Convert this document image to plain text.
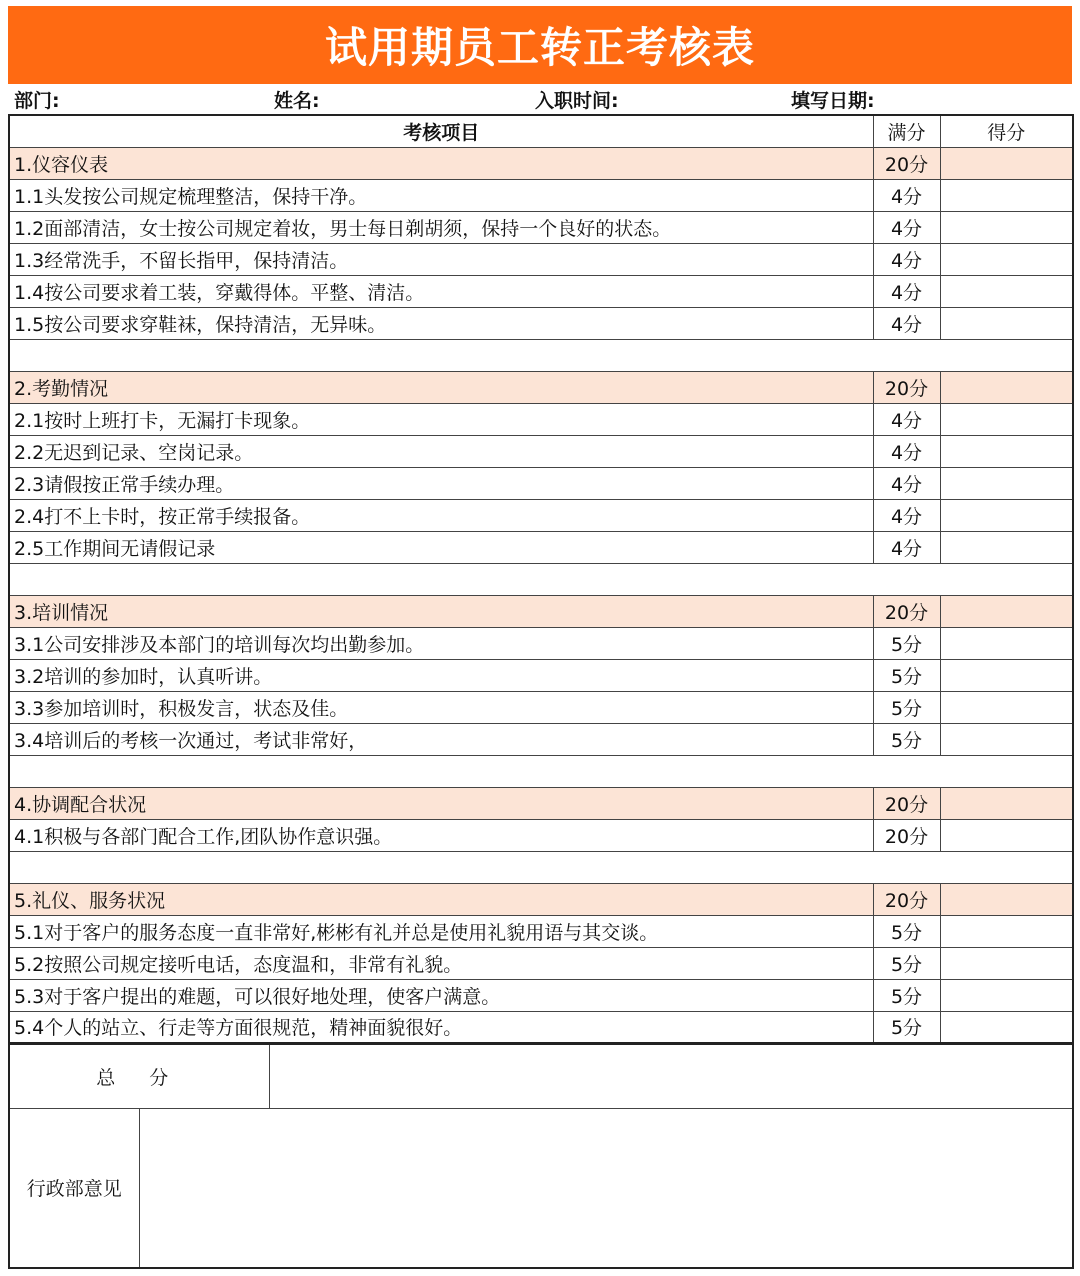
试用期员工转正考核表
部门:	姓名:	入职时间:	填写日期:
考核项目	满分	得分
1.仪容仪表	20分	
1.1头发按公司规定梳理整洁，保持干净。	4分	
1.2面部清洁，女士按公司规定着妆，男士每日剃胡须，保持一个良好的状态。	4分	
1.3经常洗手，不留长指甲，保持清洁。	4分	
1.4按公司要求着工装，穿戴得体。平整、清洁。	4分	
1.5按公司要求穿鞋袜，保持清洁，无异味。	4分	

2.考勤情况	20分	
2.1按时上班打卡，无漏打卡现象。	4分	
2.2无迟到记录、空岗记录。	4分	
2.3请假按正常手续办理。	4分	
2.4打不上卡时，按正常手续报备。	4分	
2.5工作期间无请假记录	4分	

3.培训情况	20分	
3.1公司安排涉及本部门的培训每次均出勤参加。	5分	
3.2培训的参加时，认真听讲。	5分	
3.3参加培训时，积极发言，状态及佳。	5分	
3.4培训后的考核一次通过，考试非常好，	5分	

4.协调配合状况	20分	
4.1积极与各部门配合工作,团队协作意识强。	20分	

5.礼仪、服务状况	20分	
5.1对于客户的服务态度一直非常好,彬彬有礼并总是使用礼貌用语与其交谈。	5分	
5.2按照公司规定接听电话，态度温和，非常有礼貌。	5分	
5.3对于客户提出的难题，可以很好地处理，使客户满意。	5分	
5.4个人的站立、行走等方面很规范，精神面貌很好。	5分	
总 分		
行政部意见		
